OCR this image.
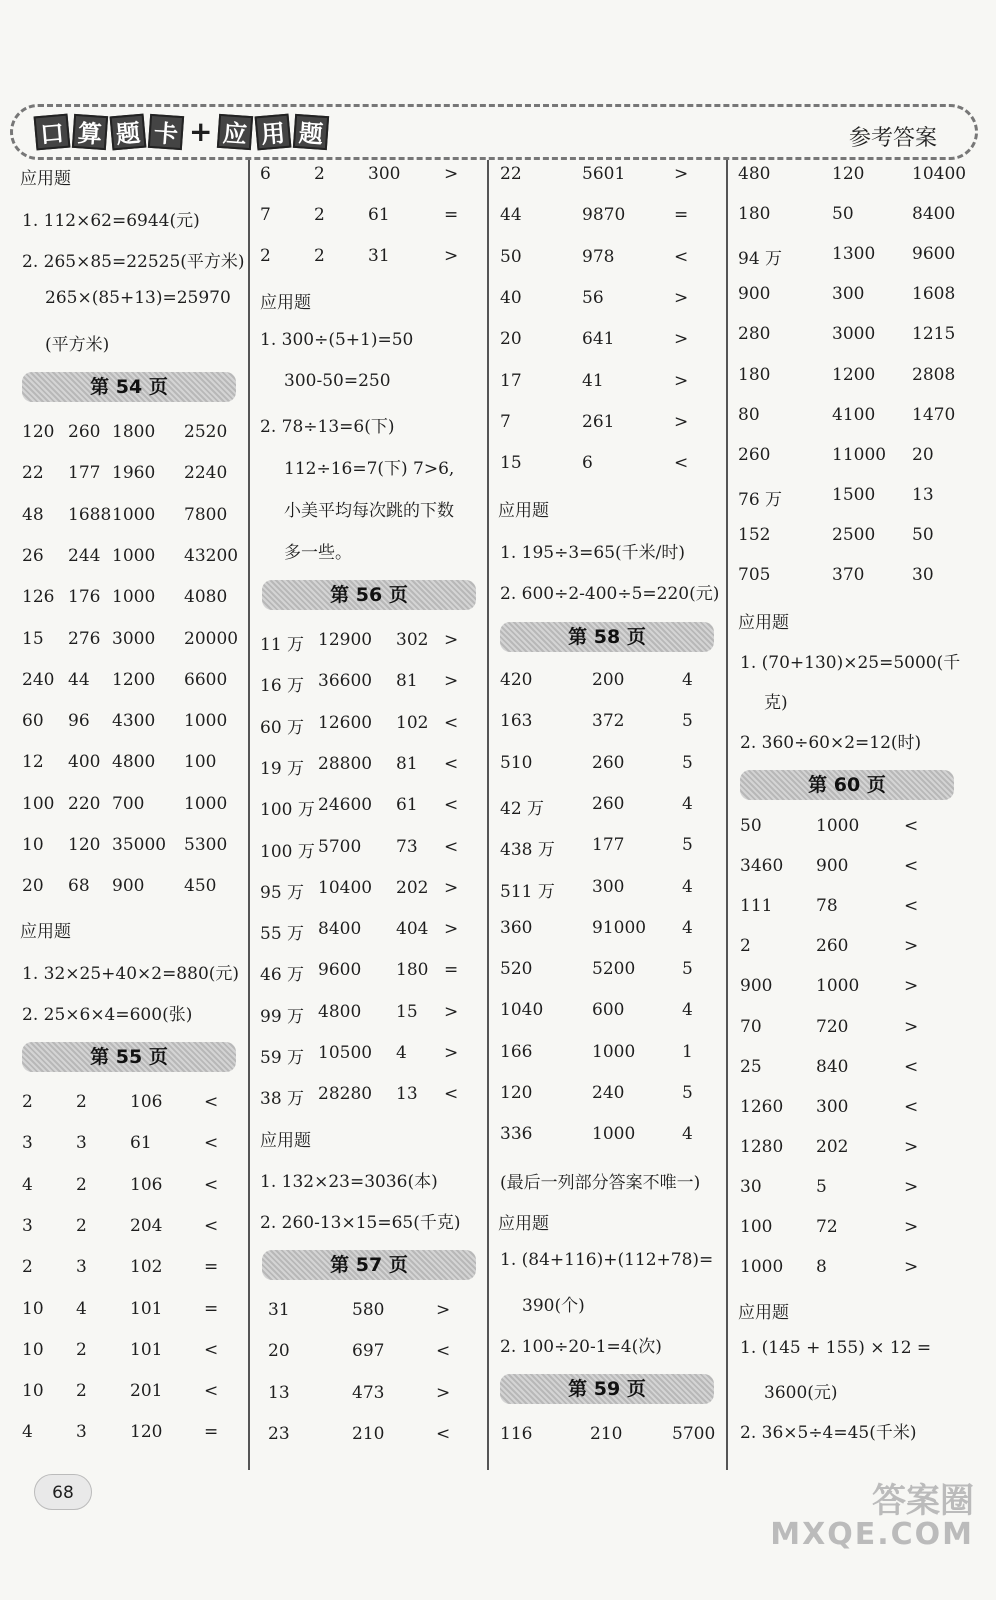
口 算 题 卡 + 应 用 题	参考答案
应用题
1. 112×62=6944(元)
2. 265×85=22525(平方米)
265×(85+13)=25970
(平方米)
第 54 页
120 260 1800 2520
22 177 1960 2240
48 1688 1000 7800
26 244 1000 43200
126 176 1000 4080
15 276 3000 20000
240 44 1200 6600
60 96 4300 1000
12 400 4800 100
100 220 700 1000
10 120 35000 5300
20 68 900 450
应用题
1. 32×25+40×2=880(元)
2. 25×6×4=600(张)
第 55 页
2	2	106 <
3	3	61	<
4	2	106 <
3	2	204 <
2	3	102 =
10 4	101 =
10 2	101 <
10 2	201 <
4	3	120 =
6	2	300	>
7	2	61	=
2	2	31	>
应用题
1. 300÷(5+1)=50
300-50=250
2. 78÷13=6(下)
112÷16=7(下) 7>6,
小美平均每次跳的下数
多一些。
第 56 页
11 万 12900 302 >
16 万 36600 81 >
60 万 12600 102 <
19 万 28800 81 <
100 万 24600 61 <
100 万 5700 73 <
95 万 10400 202 >
55 万 8400 404 >
46 万 9600 180 =
99 万 4800 15 >
59 万 10500 4 >
38 万 28280 13 <
应用题
1. 132×23=3036(本)
2. 260-13×15=65(千克)
第 57 页
31	580	>
20	697	<
13	473	>
23	210	<
22	5601	>
44	9870	=
50	978	<
40	56	>
20	641	>
17	41	>
7	261	>
15	6	<
应用题
1. 195÷3=65(千米/时)
2. 600÷2-400÷5=220(元)
第 58 页
420	200	4
163	372	5
510	260	5
42 万	260	4
438 万 177	5
511 万 300	4
360	91000 4
520	5200	5
1040	600	4
166	1000	1
120	240	5
336	1000	4
(最后一列部分答案不唯一)
应用题
1. (84+116)+(112+78)=
390(个)
2. 100÷20-1=4(次)
第 59 页
116	210	5700
480	120	10400
180	50	8400
94 万	1300 9600
900	300	1608
280	3000 1215
180	1200 2808
80	4100 1470
260	11000 20
76 万	1500 13
152	2500 50
705	370	30
应用题
1. (70+130)×25=5000(千
克)
2. 360÷60×2=12(时)
第 60 页
50	1000	<
3460 900	<
111	78	<
2	260	>
900	1000	>
70	720	>
25	840	<
1260 300	<
1280 202	>
30	5	>
100	72	>
1000 8	>
应用题
1. (145 + 155) × 12 =
3600(元)
2. 36×5÷4=45(千米)
68	答案圈
MXQE.COM
